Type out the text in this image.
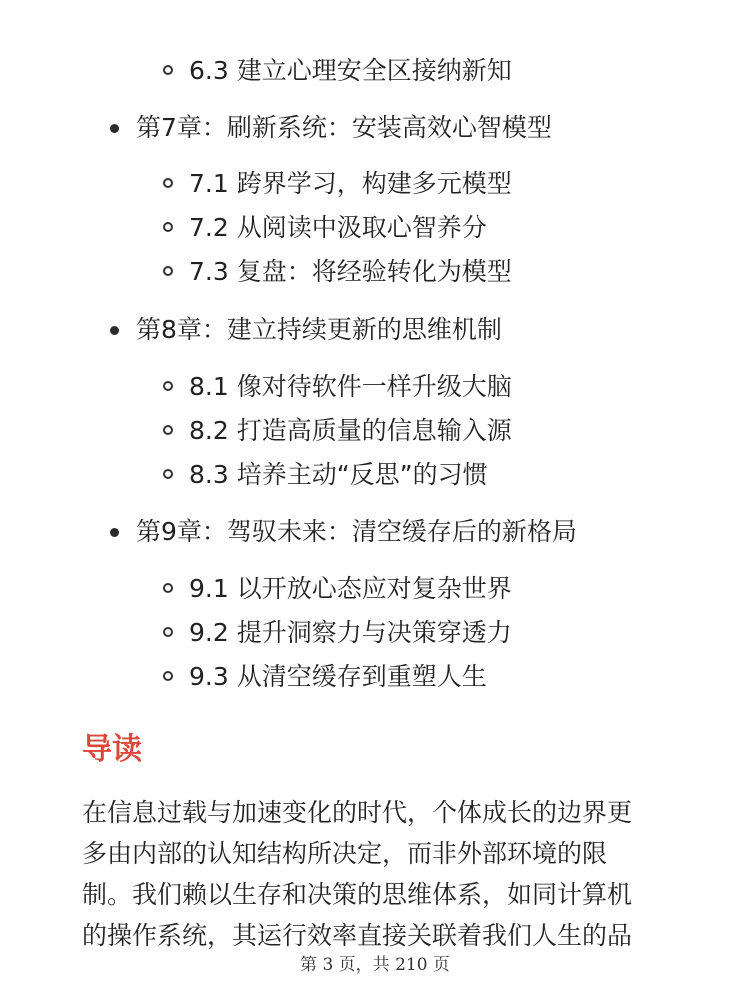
6.3 建立心理安全区接纳新知
第7章：刷新系统：安装高效心智模型
7.1 跨界学习，构建多元模型
7.2 从阅读中汲取心智养分
7.3 复盘：将经验转化为模型
第8章：建立持续更新的思维机制
8.1 像对待软件一样升级大脑
8.2 打造高质量的信息输入源
8.3 培养主动“反思”的习惯
第9章：驾驭未来：清空缓存后的新格局
9.1 以开放心态应对复杂世界
9.2 提升洞察力与决策穿透力
9.3 从清空缓存到重塑人生
导读
在信息过载与加速变化的时代，个体成长的边界更
多由内部的认知结构所决定，而非外部环境的限
制。我们赖以生存和决策的思维体系，如同计算机
的操作系统，其运行效率直接关联着我们人生的品
第 3 页，共 210 页
